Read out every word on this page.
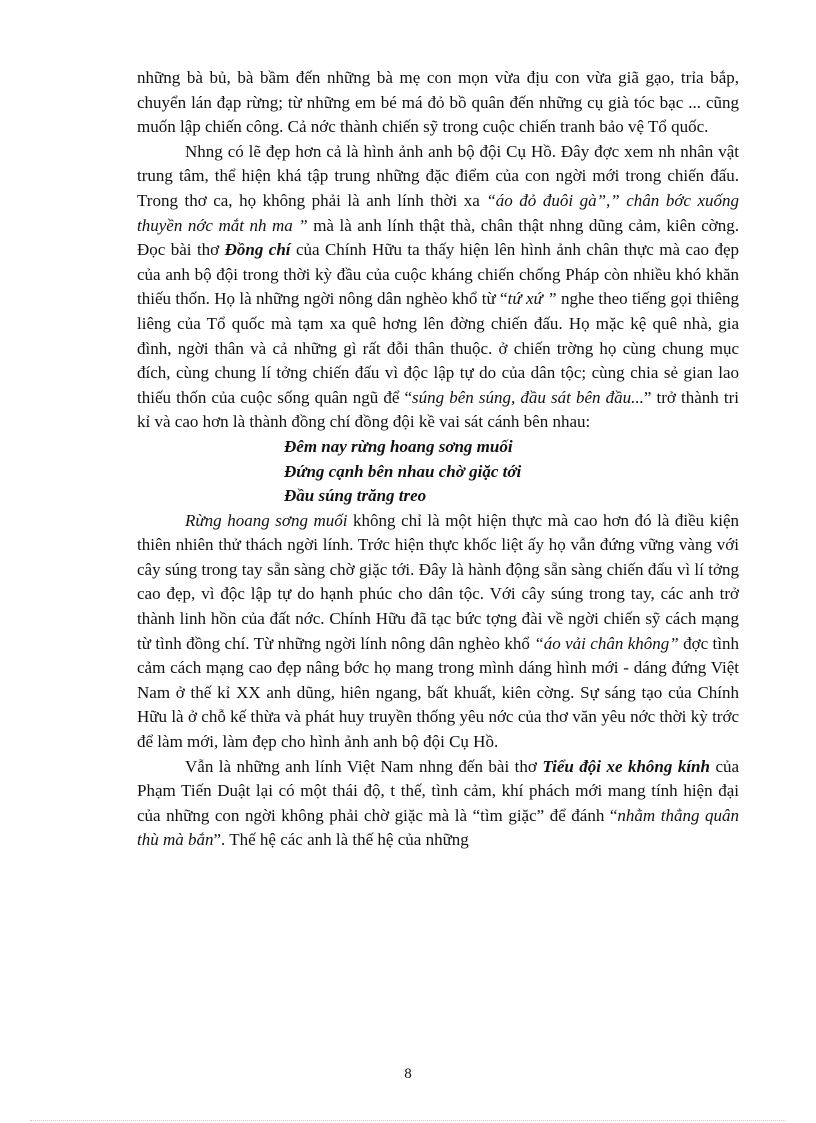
những bà bủ, bà bầm đến những bà mẹ con mọn vừa địu con vừa giã gạo, trỉa bắp, chuyển lán đạp rừng; từ những em bé má đỏ bồ quân đến những cụ già tóc bạc ... cũng muốn lập chiến công. Cả nớc thành chiến sỹ trong cuộc chiến tranh bảo vệ Tổ quốc.

Nhng có lẽ đẹp hơn cả là hình ảnh anh bộ đội Cụ Hồ. Đây đợc xem nh nhân vật trung tâm, thể hiện khá tập trung những đặc điểm của con ngời mới trong chiến đấu. Trong thơ ca, họ không phải là anh lính thời xa “áo đỏ đuôi gà”,” chân bớc xuống thuyền nớc mắt nh ma ” mà là anh lính thật thà, chân thật nhng dũng cảm, kiên cờng. Đọc bài thơ Đồng chí của Chính Hữu ta thấy hiện lên hình ảnh chân thực mà cao đẹp của anh bộ đội trong thời kỳ đầu của cuộc kháng chiến chống Pháp còn nhiều khó khăn thiếu thốn. Họ là những ngời nông dân nghèo khổ từ “tứ xứ ” nghe theo tiếng gọi thiêng liêng của Tổ quốc mà tạm xa quê hơng lên đờng chiến đấu. Họ mặc kệ quê nhà, gia đình, ngời thân và cả những gì rất đỗi thân thuộc. ở chiến trờng họ cùng chung mục đích, cùng chung lí tởng chiến đấu vì độc lập tự do của dân tộc; cùng chia sẻ gian lao thiếu thốn của cuộc sống quân ngũ để “súng bên súng, đầu sát bên đầu...” trở thành tri kỉ và cao hơn là thành đồng chí đồng đội kề vai sát cánh bên nhau:

Đêm nay rừng hoang sơng muối
Đứng cạnh bên nhau chờ giặc tới
Đầu súng trăng treo

Rừng hoang sơng muối không chỉ là một hiện thực mà cao hơn đó là điều kiện thiên nhiên thử thách ngời lính. Trớc hiện thực khốc liệt ấy họ vẫn đứng vững vàng với cây súng trong tay sẵn sàng chờ giặc tới. Đây là hành động sẵn sàng chiến đấu vì lí tởng cao đẹp, vì độc lập tự do hạnh phúc cho dân tộc. Với cây súng trong tay, các anh trở thành linh hồn của đất nớc. Chính Hữu đã tạc bức tợng đài về ngời chiến sỹ cách mạng từ tình đồng chí. Từ những ngời lính nông dân nghèo khổ “áo vải chân không” đợc tình cảm cách mạng cao đẹp nâng bớc họ mang trong mình dáng hình mới - dáng đứng Việt Nam ở thế kỉ XX anh dũng, hiên ngang, bất khuất, kiên cờng. Sự sáng tạo của Chính Hữu là ở chỗ kế thừa và phát huy truyền thống yêu nớc của thơ văn yêu nớc thời kỳ trớc để làm mới, làm đẹp cho hình ảnh anh bộ đội Cụ Hồ.

Vẫn là những anh lính Việt Nam nhng đến bài thơ Tiểu đội xe không kính của Phạm Tiến Duật lại có một thái độ, t thế, tình cảm, khí phách mới mang tính hiện đại của những con ngời không phải chờ giặc mà là “tìm giặc” để đánh “nhằm thẳng quân thù mà bắn”. Thế hệ các anh là thế hệ của những

8
